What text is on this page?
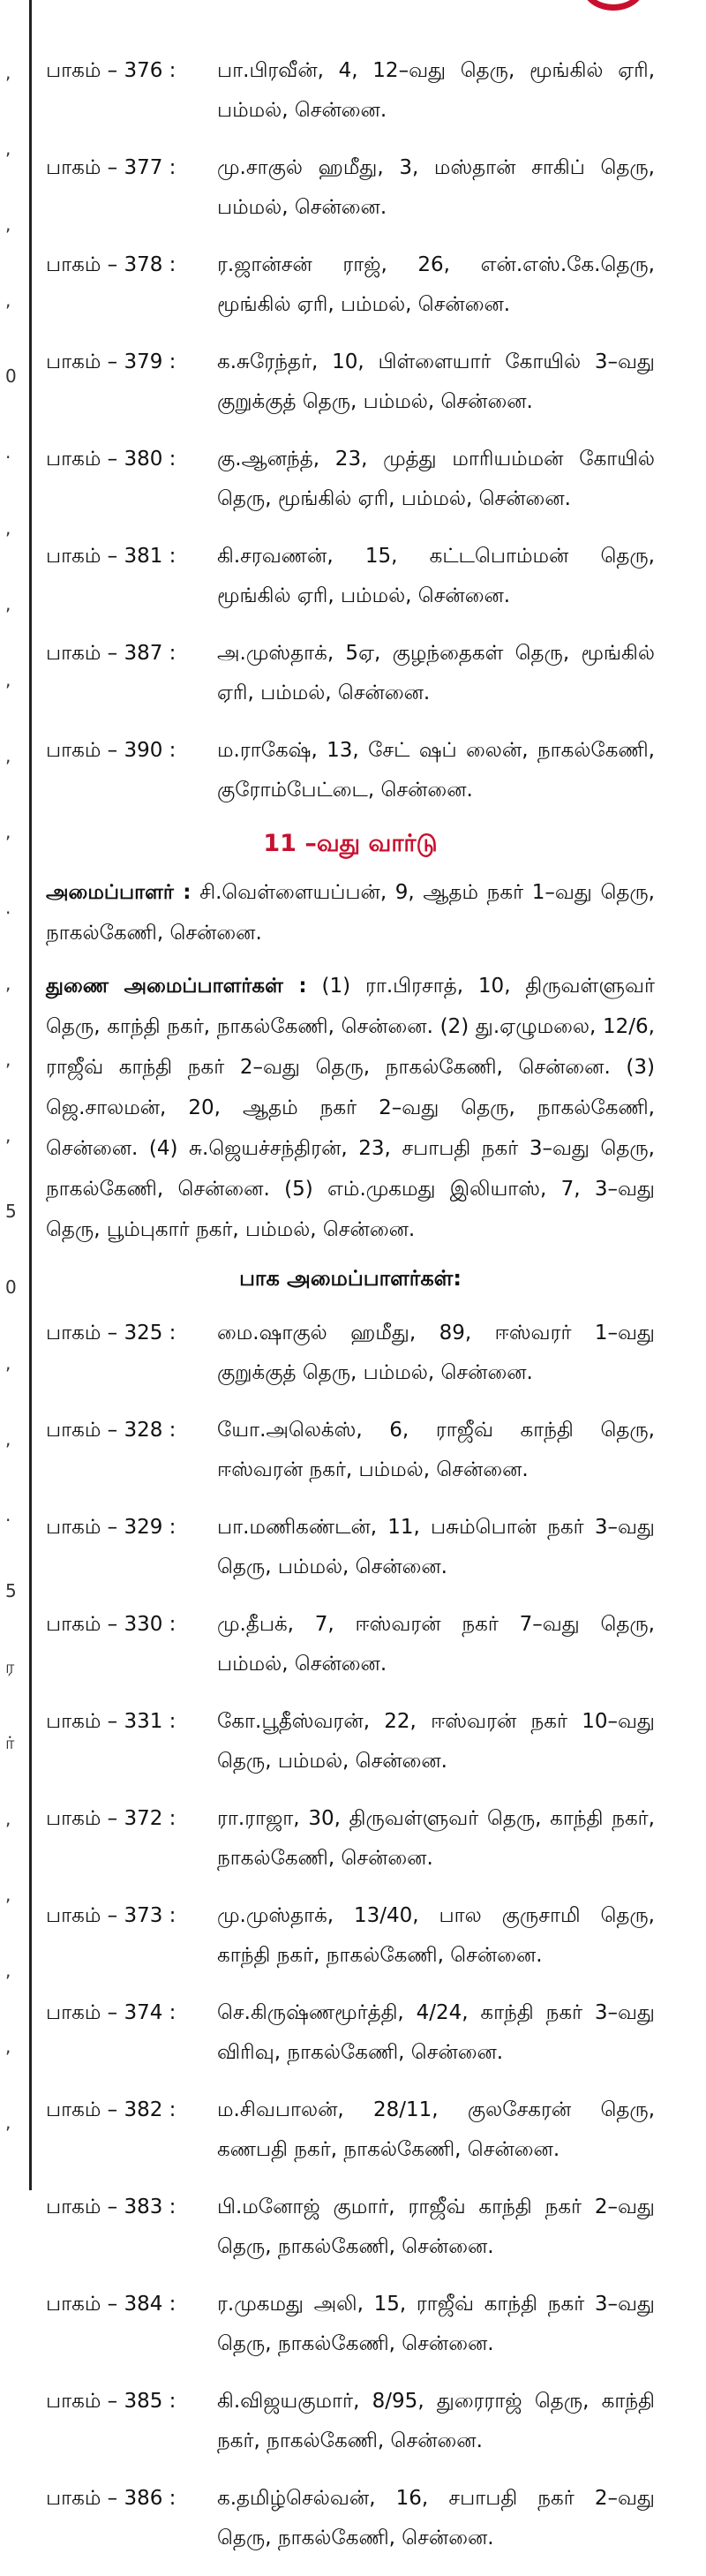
,
,
,
,
0
.
,
,
,
,
,
.
,
,
,
5
0
,
,
.
5
ர
ர்
,
,
,
,
,
பாகம் – 376 :	பா.பிரவீன், 4, 12–வது தெரு, மூங்கில் ஏரி, பம்மல், சென்னை.
பாகம் – 377 :	மு.சாகுல் ஹமீது, 3, மஸ்தான் சாகிப் தெரு, பம்மல், சென்னை.
பாகம் – 378 :	ர.ஜான்சன் ராஜ், 26, என்.எஸ்.கே.தெரு, மூங்கில் ஏரி, பம்மல், சென்னை.
பாகம் – 379 :	க.சுரேந்தர், 10, பிள்ளையார் கோயில் 3–வது குறுக்குத் தெரு, பம்மல், சென்னை.
பாகம் – 380 :	கு.ஆனந்த், 23, முத்து மாரியம்மன் கோயில் தெரு, மூங்கில் ஏரி, பம்மல், சென்னை.
பாகம் – 381 :	கி.சரவணன், 15, கட்டபொம்மன் தெரு, மூங்கில் ஏரி, பம்மல், சென்னை.
பாகம் – 387 :	அ.முஸ்தாக், 5ஏ, குழந்தைகள் தெரு, மூங்கில் ஏரி, பம்மல், சென்னை.
பாகம் – 390 :	ம.ராகேஷ், 13, சேட் ஷப் லைன், நாகல்கேணி, குரோம்பேட்டை, சென்னை.
11 –வது வார்டு

அமைப்பாளர் : சி.வெள்ளையப்பன், 9, ஆதம் நகர் 1–வது தெரு, நாகல்கேணி, சென்னை.

துணை அமைப்பாளர்கள் : (1) ரா.பிரசாத், 10, திருவள்ளுவர் தெரு, காந்தி நகர், நாகல்கேணி, சென்னை. (2) து.ஏழுமலை, 12/6, ராஜீவ் காந்தி நகர் 2–வது தெரு, நாகல்கேணி, சென்னை. (3) ஜெ.சாலமன், 20, ஆதம் நகர் 2–வது தெரு, நாகல்கேணி, சென்னை. (4) சு.ஜெயச்சந்திரன், 23, சபாபதி நகர் 3–வது தெரு, நாகல்கேணி, சென்னை. (5) எம்.முகமது இலியாஸ், 7, 3–வது தெரு, பூம்புகார் நகர், பம்மல், சென்னை.

பாக அமைப்பாளர்கள்:
பாகம் – 325 :	மை.ஷாகுல் ஹமீது, 89, ஈஸ்வரர் 1–வது குறுக்குத் தெரு, பம்மல், சென்னை.
பாகம் – 328 :	யோ.அலெக்ஸ், 6, ராஜீவ் காந்தி தெரு, ஈஸ்வரன் நகர், பம்மல், சென்னை.
பாகம் – 329 :	பா.மணிகண்டன், 11, பசும்பொன் நகர் 3–வது தெரு, பம்மல், சென்னை.
பாகம் – 330 :	மு.தீபக், 7, ஈஸ்வரன் நகர் 7–வது தெரு, பம்மல், சென்னை.
பாகம் – 331 :	கோ.பூதீஸ்வரன், 22, ஈஸ்வரன் நகர் 10–வது தெரு, பம்மல், சென்னை.
பாகம் – 372 :	ரா.ராஜா, 30, திருவள்ளுவர் தெரு, காந்தி நகர், நாகல்கேணி, சென்னை.
பாகம் – 373 :	மு.முஸ்தாக், 13/40, பால குருசாமி தெரு, காந்தி நகர், நாகல்கேணி, சென்னை.
பாகம் – 374 :	செ.கிருஷ்ணமூர்த்தி, 4/24, காந்தி நகர் 3–வது விரிவு, நாகல்கேணி, சென்னை.
பாகம் – 382 :	ம.சிவபாலன், 28/11, குலசேகரன் தெரு, கணபதி நகர், நாகல்கேணி, சென்னை.
பாகம் – 383 :	பி.மனோஜ் குமார், ராஜீவ் காந்தி நகர் 2–வது தெரு, நாகல்கேணி, சென்னை.
பாகம் – 384 :	ர.முகமது அலி, 15, ராஜீவ் காந்தி நகர் 3–வது தெரு, நாகல்கேணி, சென்னை.
பாகம் – 385 :	கி.விஜயகுமார், 8/95, துரைராஜ் தெரு, காந்தி நகர், நாகல்கேணி, சென்னை.
பாகம் – 386 :	க.தமிழ்செல்வன், 16, சபாபதி நகர் 2–வது தெரு, நாகல்கேணி, சென்னை.
